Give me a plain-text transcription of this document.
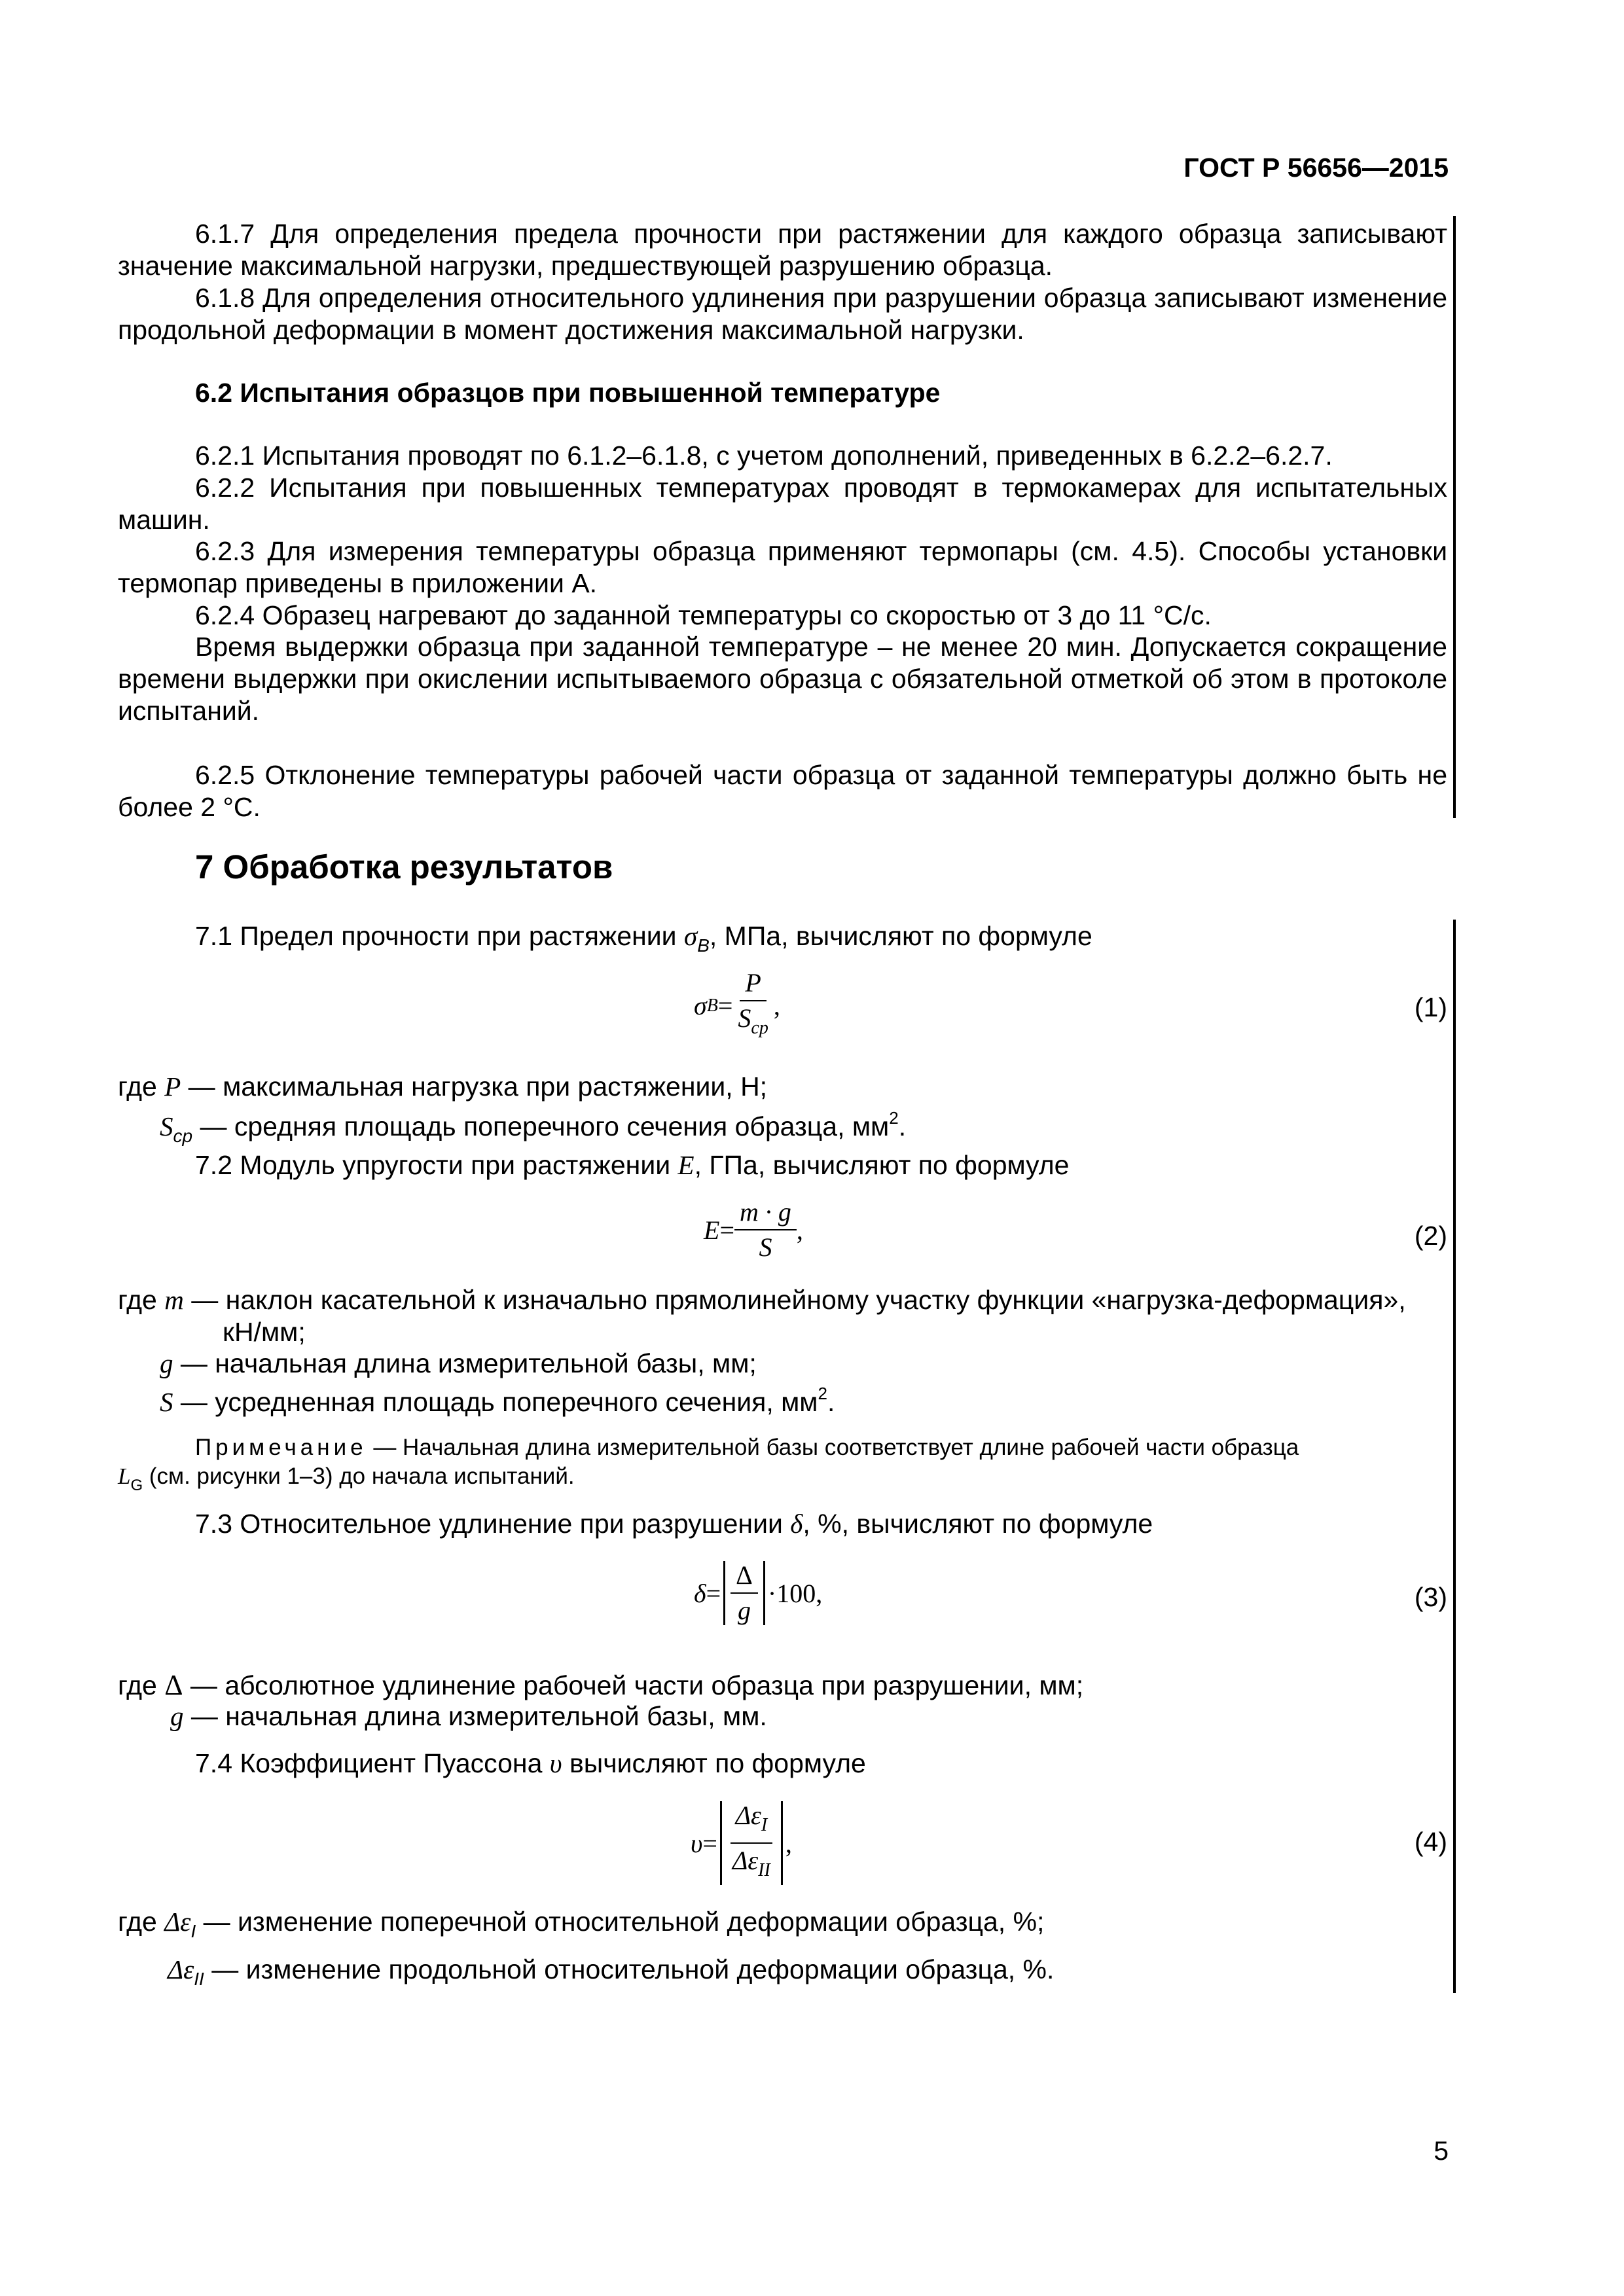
ГОСТ Р 56656—2015
6.1.7 Для определения предела прочности при растяжении для каждого образца записывают значение максимальной нагрузки, предшествующей разрушению образца.
6.1.8 Для определения относительного удлинения при разрушении образца записывают изменение продольной деформации в момент достижения максимальной нагрузки.
6.2 Испытания образцов при повышенной температуре
6.2.1 Испытания проводят по 6.1.2–6.1.8, с учетом дополнений, приведенных в 6.2.2–6.2.7.
6.2.2 Испытания при повышенных температурах проводят в термокамерах для испытательных машин.
6.2.3 Для измерения температуры образца применяют термопары (см. 4.5). Способы установки термопар приведены в приложении А.
6.2.4 Образец нагревают до заданной температуры со скоростью от 3 до 11 °С/с.
Время выдержки образца при заданной температуре – не менее 20 мин. Допускается сокращение времени выдержки при окислении испытываемого образца с обязательной отметкой об этом в протоколе испытаний.
6.2.5 Отклонение температуры рабочей части образца от заданной температуры должно быть не более 2 °С.
7 Обработка результатов
7.1 Предел прочности при растяжении $\sigma_B$, МПа, вычисляют по формуле
σ $B = \frac{P}{S_{cp}}$ ,	(1)
где P — максимальная нагрузка при растяжении, Н;
$S_{cp}$ — средняя площадь поперечного сечения образца, $мм^2$.
7.2 Модуль упругости при растяжении E, ГПа, вычисляют по формуле
$E = \frac{m \cdot g}{S}$ ,	(2)
где m — наклон касательной к изначально прямолинейному участку функции «нагрузка-деформация»,
кН/мм;
g — начальная длина измерительной базы, мм;
S — усредненная площадь поперечного сечения, $мм^2$.
Примечание — Начальная длина измерительной базы соответствует длине рабочей части образца
$L_G$ (см. рисунки 1–3) до начала испытаний.
7.3 Относительное удлинение при разрушении δ, %, вычисляют по формуле
$\delta = \frac{\Delta}{g} \cdot 100$ ,	(3)
где Δ — абсолютное удлинение рабочей части образца при разрушении, мм;
g — начальная длина измерительной базы, мм.
7.4 Коэффициент Пуассона υ вычисляют по формуле
$\upsilon = \frac{\Delta\varepsilon_I}{\Delta\varepsilon_{II}}$ ,	(4)
где $\Delta\varepsilon_I$ — изменение поперечной относительной деформации образца, %;
$\Delta\varepsilon_{II}$ — изменение продольной относительной деформации образца, %.
5
